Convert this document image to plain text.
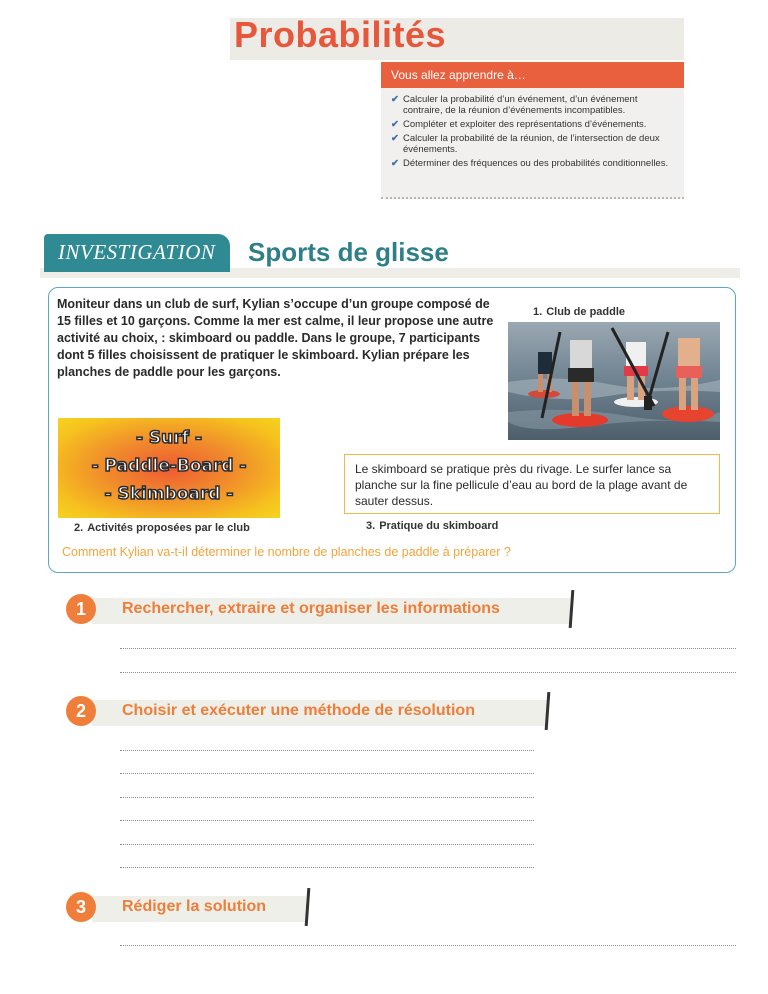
Probabilités
Vous allez apprendre à…
✔ Calculer la probabilité d’un événement, d’un événement contraire, de la réunion d’événements incompatibles.
✔ Compléter et exploiter des représentations d’événements.
✔ Calculer la probabilité de la réunion, de l’intersection de deux événements.
✔ Déterminer des fréquences ou des probabilités conditionnelles.
INVESTIGATION Sports de glisse
Moniteur dans un club de surf, Kylian s’occupe d’un groupe composé de 15 filles et 10 garçons. Comme la mer est calme, il leur propose une autre activité au choix, : skimboard ou paddle. Dans le groupe, 7 participants dont 5 filles choisissent de pratiquer le skimboard. Kylian prépare les planches de paddle pour les garçons.
1. Club de paddle
- Surf -
- Paddle-Board -
- Skimboard -
2. Activités proposées par le club
Le skimboard se pratique près du rivage. Le surfer lance sa planche sur la fine pellicule d’eau au bord de la plage avant de sauter dessus.
3. Pratique du skimboard
Comment Kylian va-t-il déterminer le nombre de planches de paddle à préparer ?
1	Rechercher, extraire et organiser les informations
2	Choisir et exécuter une méthode de résolution
3	Rédiger la solution
